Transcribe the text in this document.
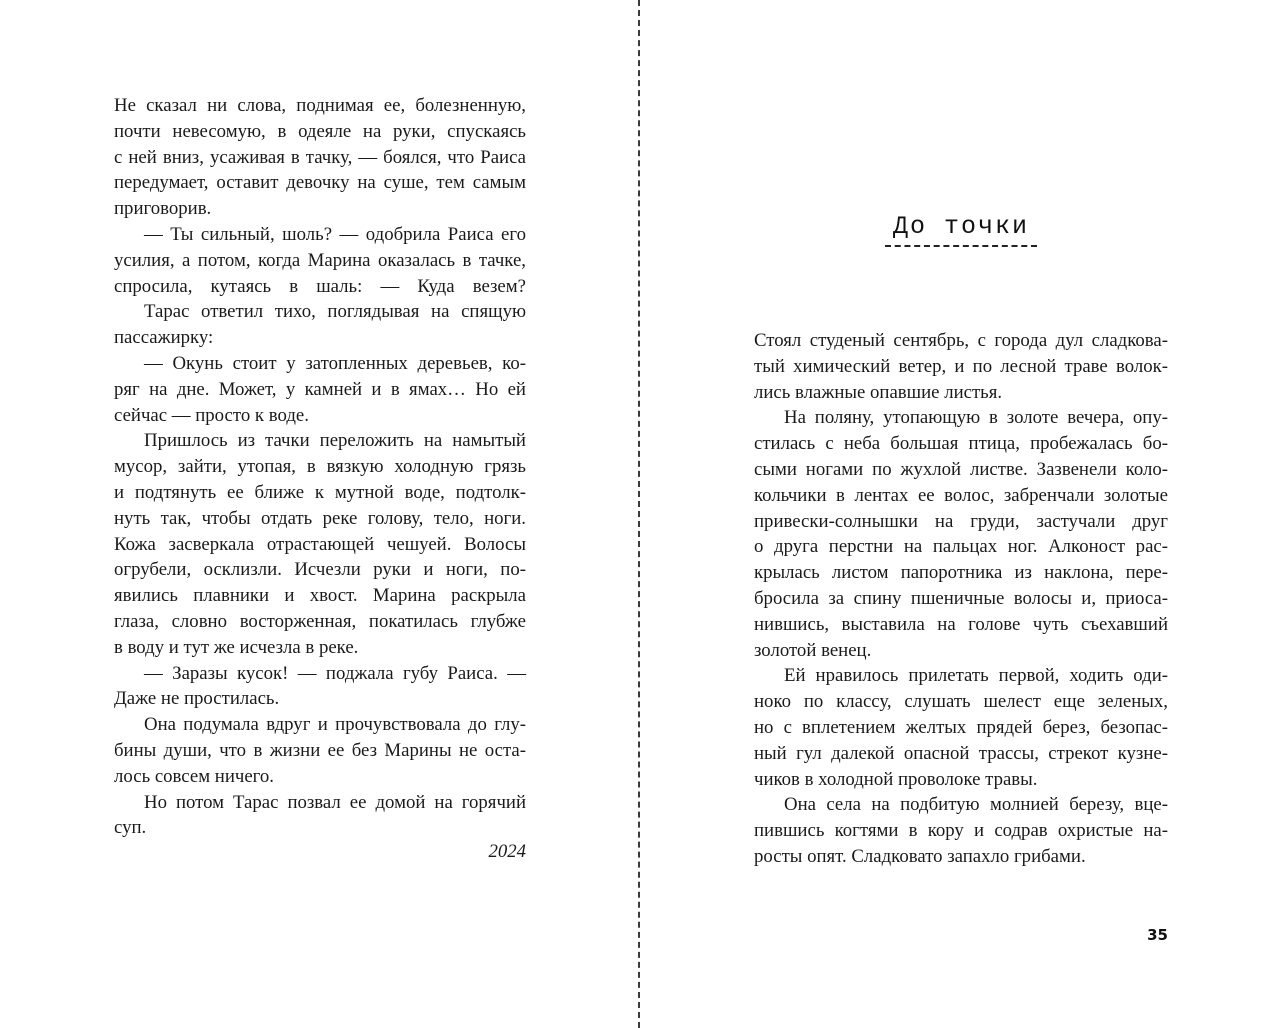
Не сказал ни слова, поднимая ее, болезненную,
почти невесомую, в одеяле на руки, спускаясь
с ней вниз, усаживая в тачку, — боялся, что Раиса
передумает, оставит девочку на суше, тем самым
приговорив.
— Ты сильный, шоль? — одобрила Раиса его
усилия, а потом, когда Марина оказалась в тачке,
спросила, кутаясь в шаль: — Куда везем?
Тарас ответил тихо, поглядывая на спящую
пассажирку:
— Окунь стоит у затопленных деревьев, ко-
ряг на дне. Может, у камней и в ямах… Но ей
сейчас — просто к воде.
Пришлось из тачки переложить на намытый
мусор, зайти, утопая, в вязкую холодную грязь
и подтянуть ее ближе к мутной воде, подтолк-
нуть так, чтобы отдать реке голову, тело, ноги.
Кожа засверкала отрастающей чешуей. Волосы
огрубели, осклизли. Исчезли руки и ноги, по-
явились плавники и хвост. Марина раскрыла
глаза, словно восторженная, покатилась глубже
в воду и тут же исчезла в реке.
— Заразы кусок! — поджала губу Раиса. —
Даже не простилась.
Она подумала вдруг и прочувствовала до глу-
бины души, что в жизни ее без Марины не оста-
лось совсем ничего.
Но потом Тарас позвал ее домой на горячий
суп.
2024
До точки
Стоял студеный сентябрь, с города дул сладкова-
тый химический ветер, и по лесной траве волок-
лись влажные опавшие листья.
На поляну, утопающую в золоте вечера, опу-
стилась с неба большая птица, пробежалась бо-
сыми ногами по жухлой листве. Зазвенели коло-
кольчики в лентах ее волос, забренчали золотые
привески-солнышки на груди, застучали друг
о друга перстни на пальцах ног. Алконост рас-
крылась листом папоротника из наклона, пере-
бросила за спину пшеничные волосы и, приоса-
нившись, выставила на голове чуть съехавший
золотой венец.
Ей нравилось прилетать первой, ходить оди-
ноко по классу, слушать шелест еще зеленых,
но с вплетением желтых прядей берез, безопас-
ный гул далекой опасной трассы, стрекот кузне-
чиков в холодной проволоке травы.
Она села на подбитую молнией березу, вце-
пившись когтями в кору и содрав охристые на-
росты опят. Сладковато запахло грибами.
35
